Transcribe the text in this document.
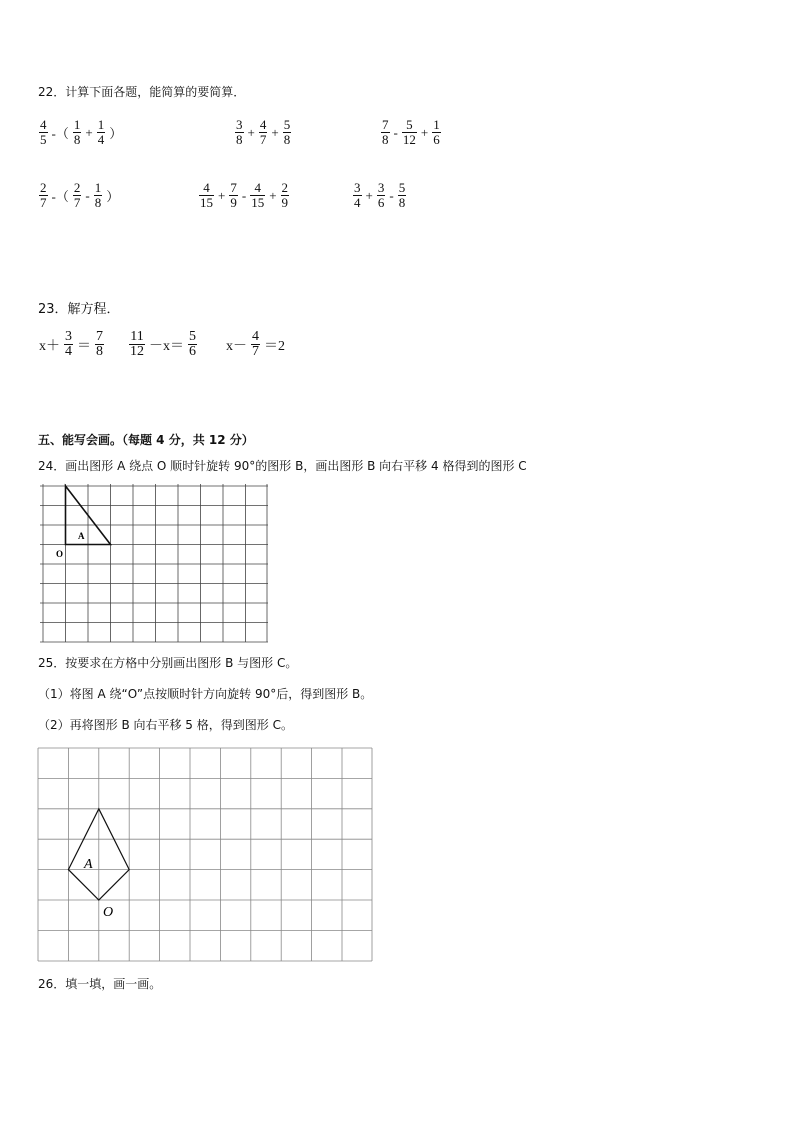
22．计算下面各题，能简算的要简算．
$\frac{4}{5}$ -（ $\frac{1}{8} + \frac{1}{4}$ ）	$\frac{3}{8} + \frac{4}{7} + \frac{5}{8}$	$\frac{7}{8} - \frac{5}{12} + \frac{1}{6}$
$\frac{2}{7}$ -（ $\frac{2}{7} - \frac{1}{8}$ ）	$\frac{4}{15} + \frac{7}{9} - \frac{4}{15} + \frac{2}{9}$	$\frac{3}{4} + \frac{3}{6} - \frac{5}{8}$
23．解方程．
$x+ \frac{3}{4} = \frac{7}{8} \frac{11}{12} -x= \frac{5}{6} x- \frac{4}{7} =2$
五、能写会画。（每题 4 分，共 12 分）
24．画出图形 A 绕点 O 顺时针旋转 90°的图形 B，画出图形 B 向右平移 4 格得到的图形 C
A
O
25．按要求在方格中分别画出图形 B 与图形 C。
（1）将图 A 绕“O”点按顺时针方向旋转 90°后，得到图形 B。
（2）再将图形 B 向右平移 5 格，得到图形 C。
A
O
26．填一填，画一画。
